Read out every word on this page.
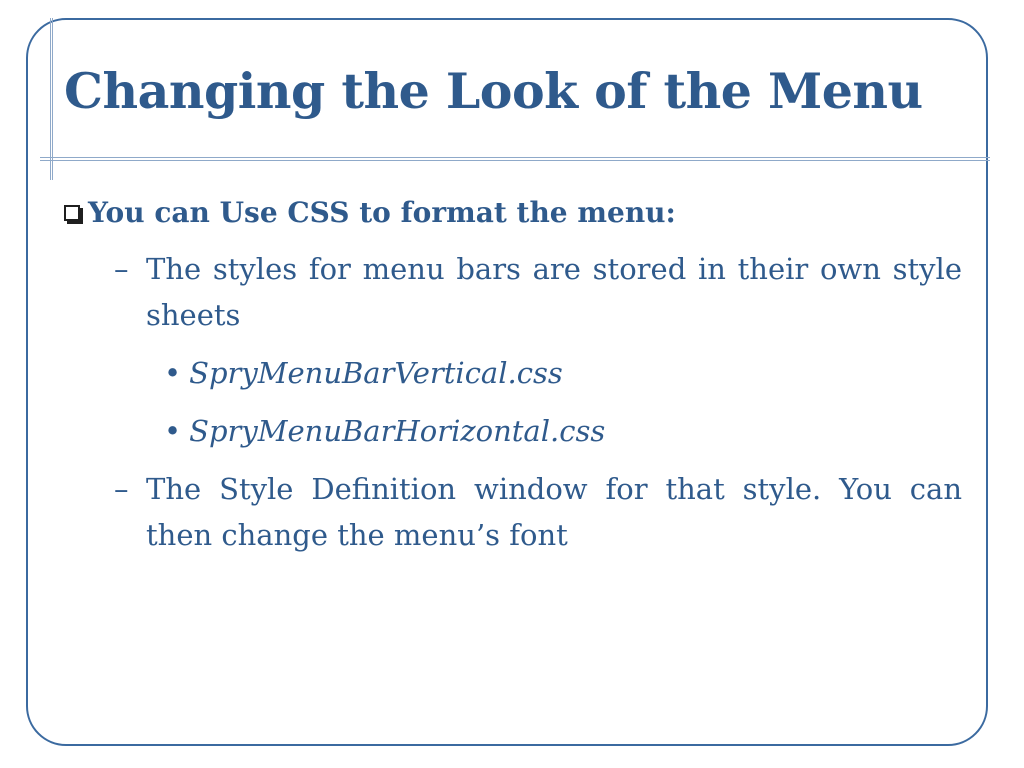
Changing the Look of the Menu
You can Use CSS to format the menu:
– The styles for menu bars are stored in their own style sheets
• SpryMenuBarVertical.css
• SpryMenuBarHorizontal.css
– The Style Definition window for that style. You can then change the menu’s font
